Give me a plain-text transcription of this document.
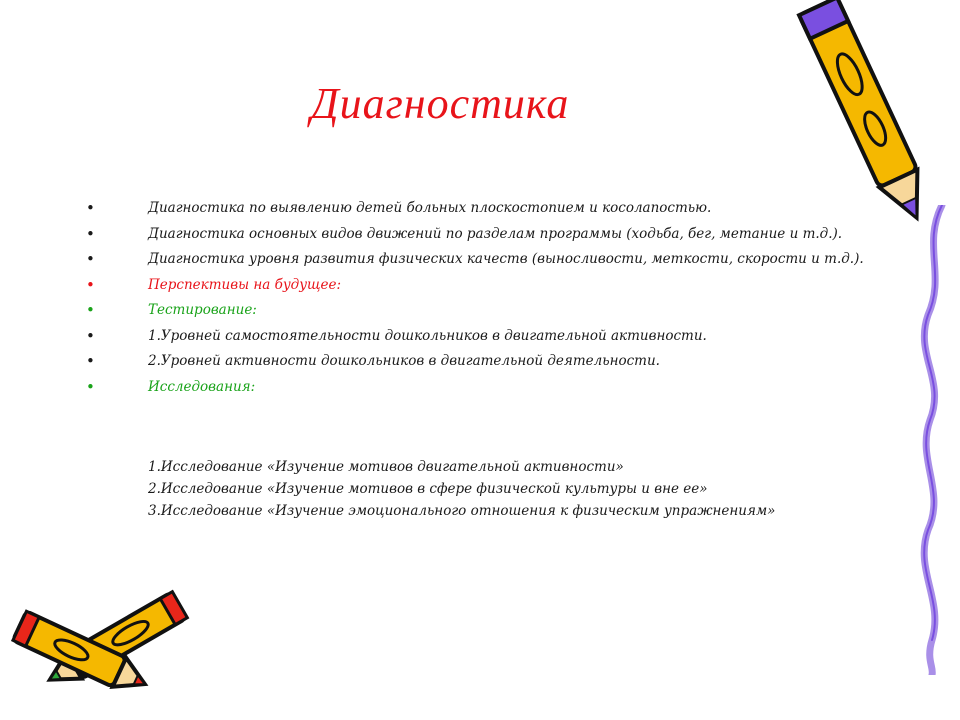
Диагностика
•	Диагностика по выявлению детей больных плоскостопием и косолапостью.
•	Диагностика основных видов движений по разделам программы (ходьба, бег, метание и т.д.).
•	Диагностика уровня развития физических качеств (выносливости, меткости, скорости и т.д.).
•	Перспективы на будущее:
•	Тестирование:
•	1.Уровней самостоятельности дошкольников в двигательной активности.
•	2.Уровней активности дошкольников в двигательной деятельности.
•	Исследования:
1.Исследование «Изучение мотивов двигательной активности»
2.Исследование «Изучение мотивов в сфере физической культуры и вне ее»
3.Исследование «Изучение эмоционального отношения к физическим упражнениям»
